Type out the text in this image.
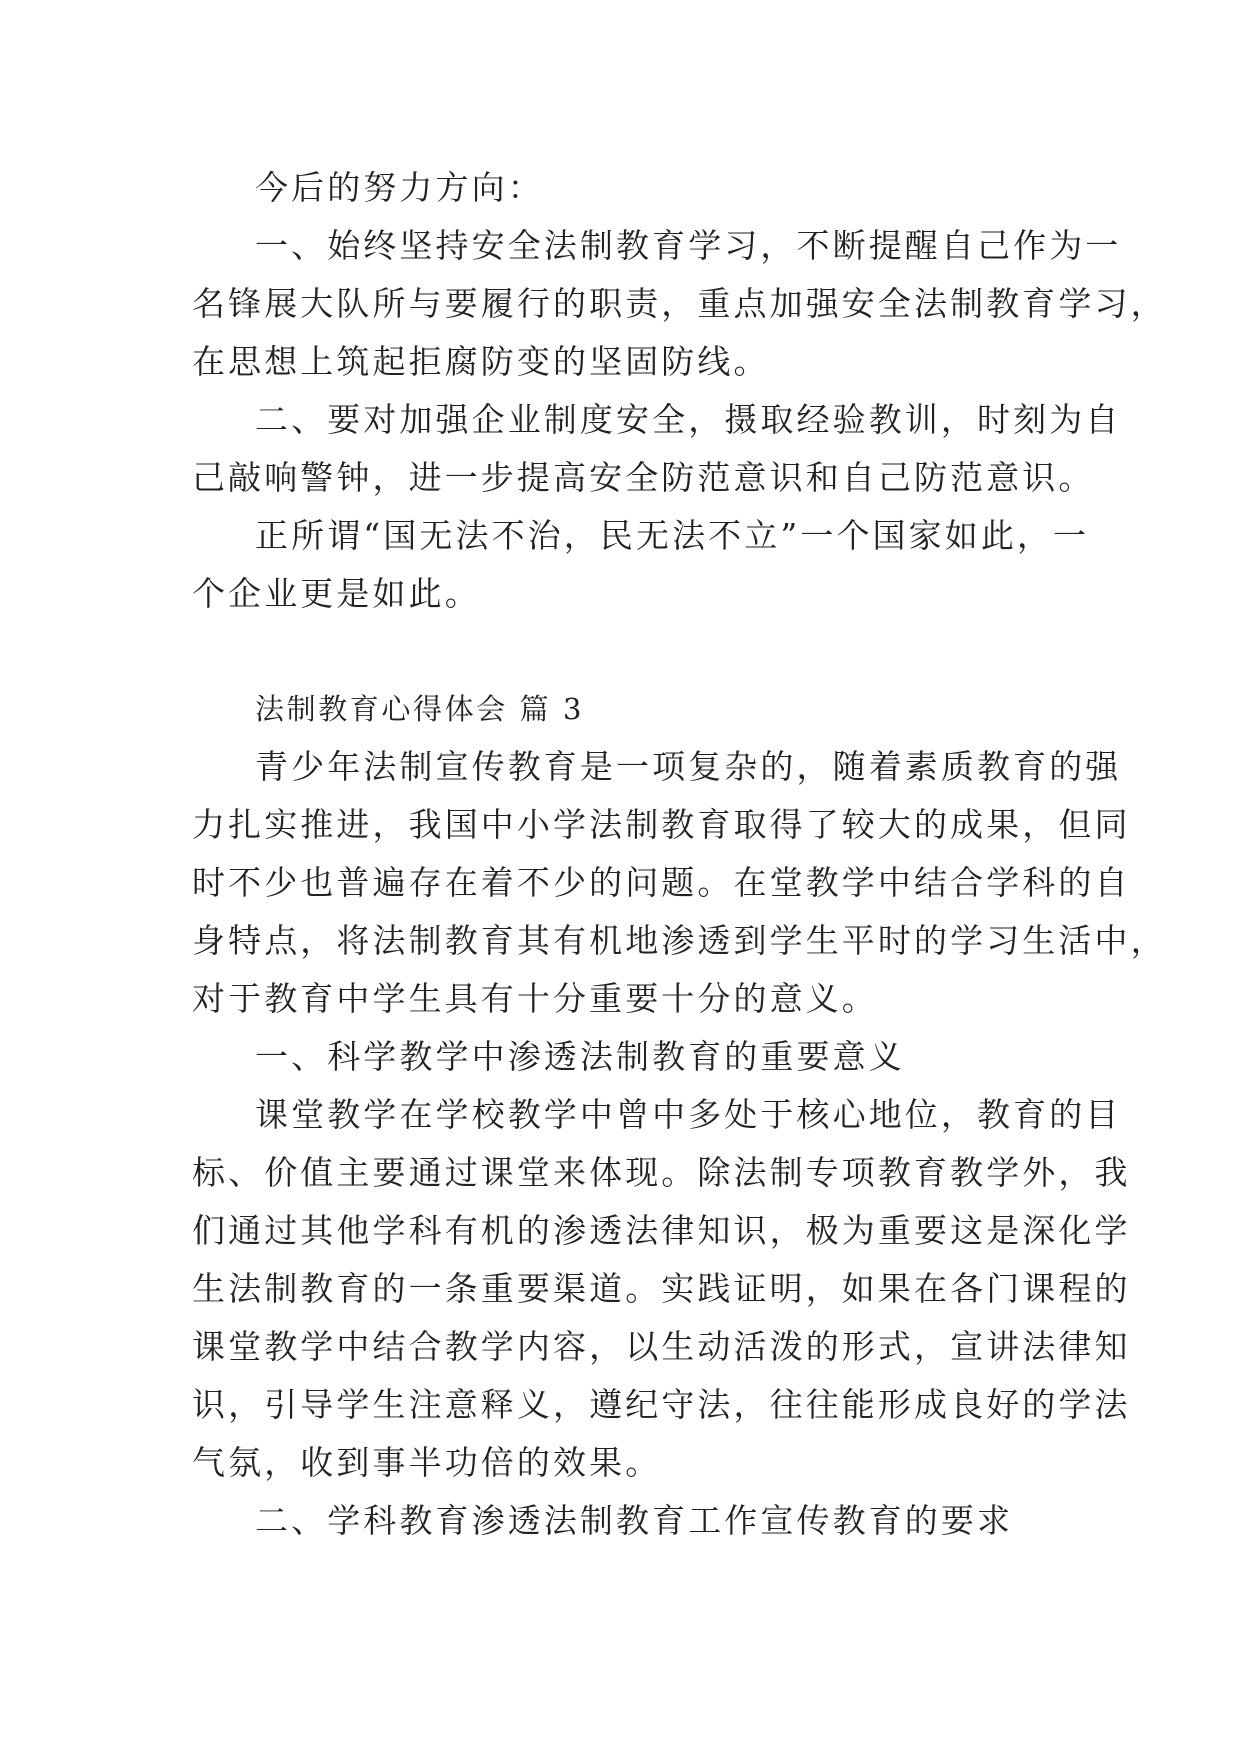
今后的努力方向：
一、始终坚持安全法制教育学习，不断提醒自己作为一
名锋展大队所与要履行的职责，重点加强安全法制教育学习，
在思想上筑起拒腐防变的坚固防线。
二、要对加强企业制度安全，摄取经验教训，时刻为自
己敲响警钟，进一步提高安全防范意识和自己防范意识。
正所谓“国无法不治，民无法不立”一个国家如此，一
个企业更是如此。
法制教育心得体会 篇 3
青少年法制宣传教育是一项复杂的，随着素质教育的强
力扎实推进，我国中小学法制教育取得了较大的成果，但同
时不少也普遍存在着不少的问题。在堂教学中结合学科的自
身特点，将法制教育其有机地渗透到学生平时的学习生活中，
对于教育中学生具有十分重要十分的意义。
一、科学教学中渗透法制教育的重要意义
课堂教学在学校教学中曾中多处于核心地位，教育的目
标、价值主要通过课堂来体现。除法制专项教育教学外，我
们通过其他学科有机的渗透法律知识，极为重要这是深化学
生法制教育的一条重要渠道。实践证明，如果在各门课程的
课堂教学中结合教学内容，以生动活泼的形式，宣讲法律知
识，引导学生注意释义，遵纪守法，往往能形成良好的学法
气氛，收到事半功倍的效果。
二、学科教育渗透法制教育工作宣传教育的要求
